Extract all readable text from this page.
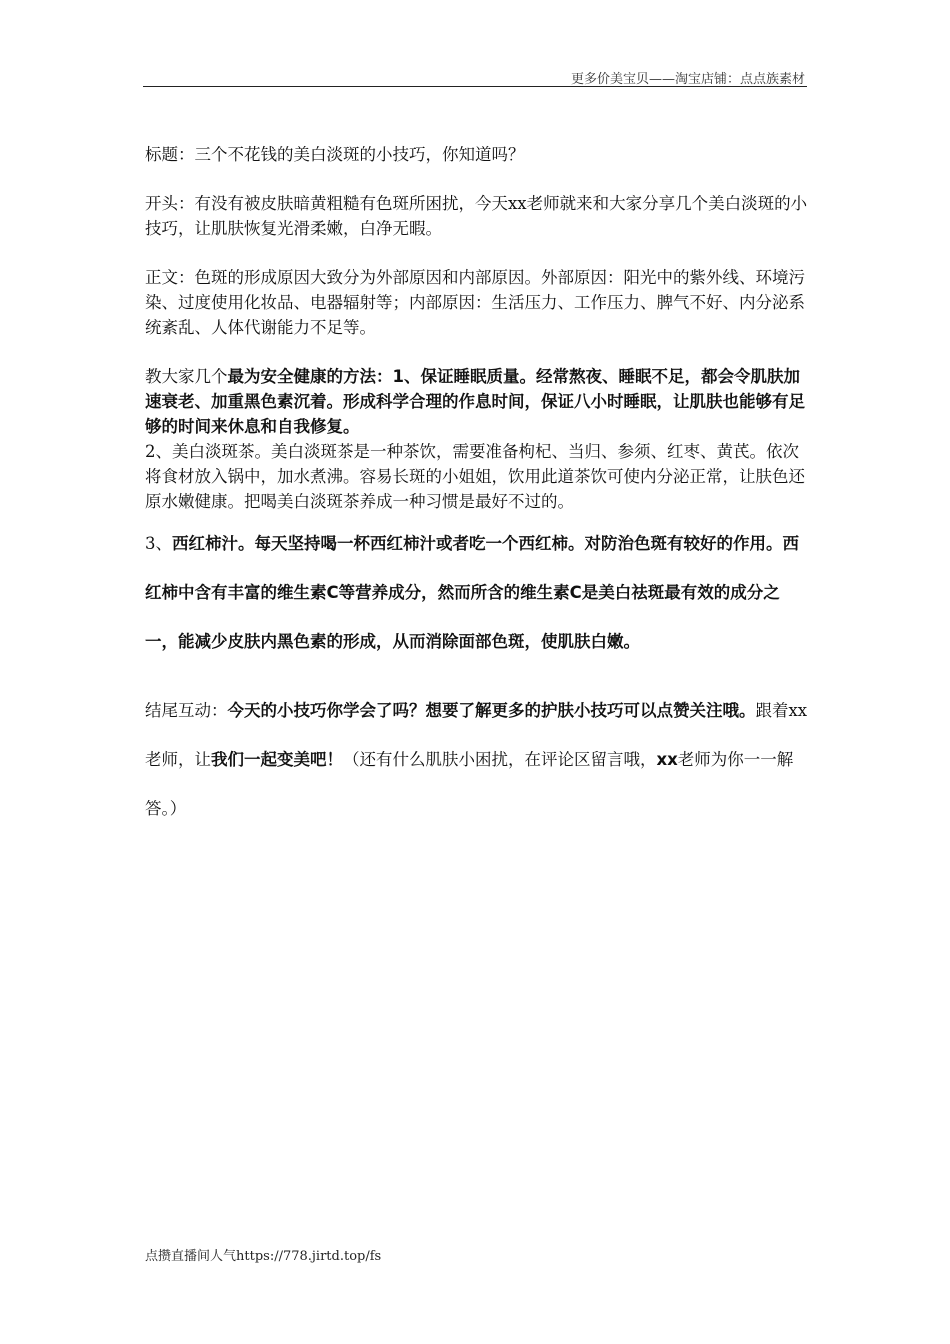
更多价美宝贝——淘宝店铺：点点族素材

标题：三个不花钱的美白淡斑的小技巧，你知道吗？

开头：有没有被皮肤暗黄粗糙有色斑所困扰，今天xx老师就来和大家分享几个美白淡斑的小技巧，让肌肤恢复光滑柔嫩，白净无暇。

正文：色斑的形成原因大致分为外部原因和内部原因。外部原因：阳光中的紫外线、环境污染、过度使用化妆品、电器辐射等；内部原因：生活压力、工作压力、脾气不好、内分泌系统紊乱、人体代谢能力不足等。

教大家几个最为安全健康的方法：1、保证睡眠质量。经常熬夜、睡眠不足，都会令肌肤加速衰老、加重黑色素沉着。形成科学合理的作息时间，保证八小时睡眠，让肌肤也能够有足够的时间来休息和自我修复。

2、美白淡斑茶。美白淡斑茶是一种茶饮，需要准备枸杞、当归、参须、红枣、黄芪。依次将食材放入锅中，加水煮沸。容易长斑的小姐姐，饮用此道茶饮可使内分泌正常，让肤色还原水嫩健康。把喝美白淡斑茶养成一种习惯是最好不过的。

3、西红柿汁。每天坚持喝一杯西红柿汁或者吃一个西红柿。对防治色斑有较好的作用。西红柿中含有丰富的维生素C等营养成分，然而所含的维生素C是美白祛斑最有效的成分之一，能减少皮肤内黑色素的形成，从而消除面部色斑，使肌肤白嫩。

结尾互动：今天的小技巧你学会了吗？想要了解更多的护肤小技巧可以点赞关注哦。跟着xx老师，让我们一起变美吧！（还有什么肌肤小困扰，在评论区留言哦，xx老师为你一一解答。）

点攒直播间人气https://778.jirtd.top/fs
